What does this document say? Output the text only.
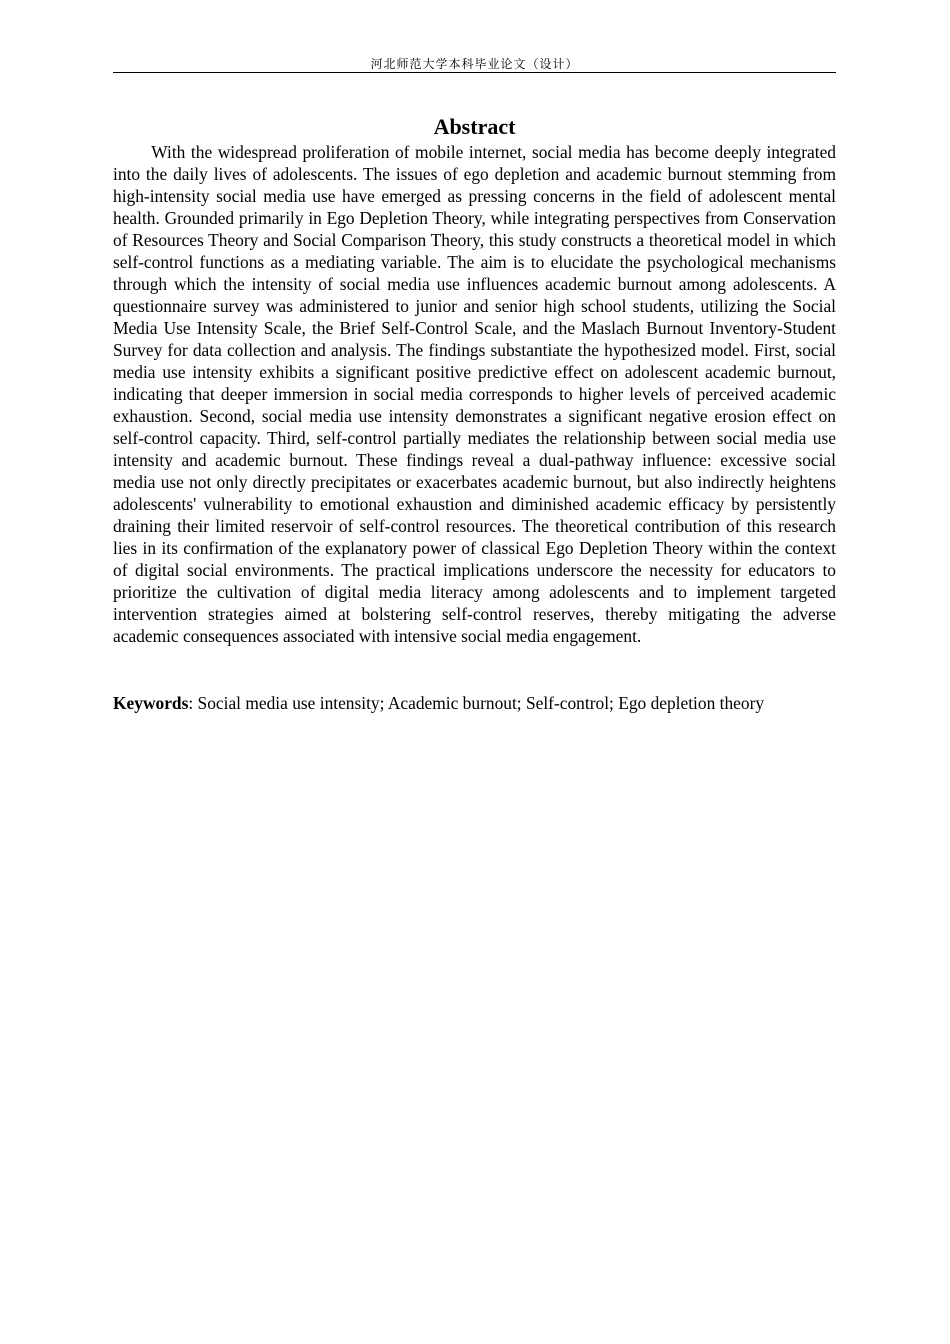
河北师范大学本科毕业论文（设计）
Abstract

With the widespread proliferation of mobile internet, social media has become deeply integrated into the daily lives of adolescents. The issues of ego depletion and academic burnout stemming from high-intensity social media use have emerged as pressing concerns in the field of adolescent mental health. Grounded primarily in Ego Depletion Theory, while integrating perspectives from Conservation of Resources Theory and Social Comparison Theory, this study constructs a theoretical model in which self-control functions as a mediating variable. The aim is to elucidate the psychological mechanisms through which the intensity of social media use influences academic burnout among adolescents. A questionnaire survey was administered to junior and senior high school students, utilizing the Social Media Use Intensity Scale, the Brief Self-Control Scale, and the Maslach Burnout Inventory-Student Survey for data collection and analysis. The findings substantiate the hypothesized model. First, social media use intensity exhibits a significant positive predictive effect on adolescent academic burnout, indicating that deeper immersion in social media corresponds to higher levels of perceived academic exhaustion. Second, social media use intensity demonstrates a significant negative erosion effect on self-control capacity. Third, self-control partially mediates the relationship between social media use intensity and academic burnout. These findings reveal a dual-pathway influence: excessive social media use not only directly precipitates or exacerbates academic burnout, but also indirectly heightens adolescents' vulnerability to emotional exhaustion and diminished academic efficacy by persistently draining their limited reservoir of self-control resources. The theoretical contribution of this research lies in its confirmation of the explanatory power of classical Ego Depletion Theory within the context of digital social environments. The practical implications underscore the necessity for educators to prioritize the cultivation of digital media literacy among adolescents and to implement targeted intervention strategies aimed at bolstering self-control reserves, thereby mitigating the adverse academic consequences associated with intensive social media engagement.

Keywords: Social media use intensity; Academic burnout; Self-control; Ego depletion theory
